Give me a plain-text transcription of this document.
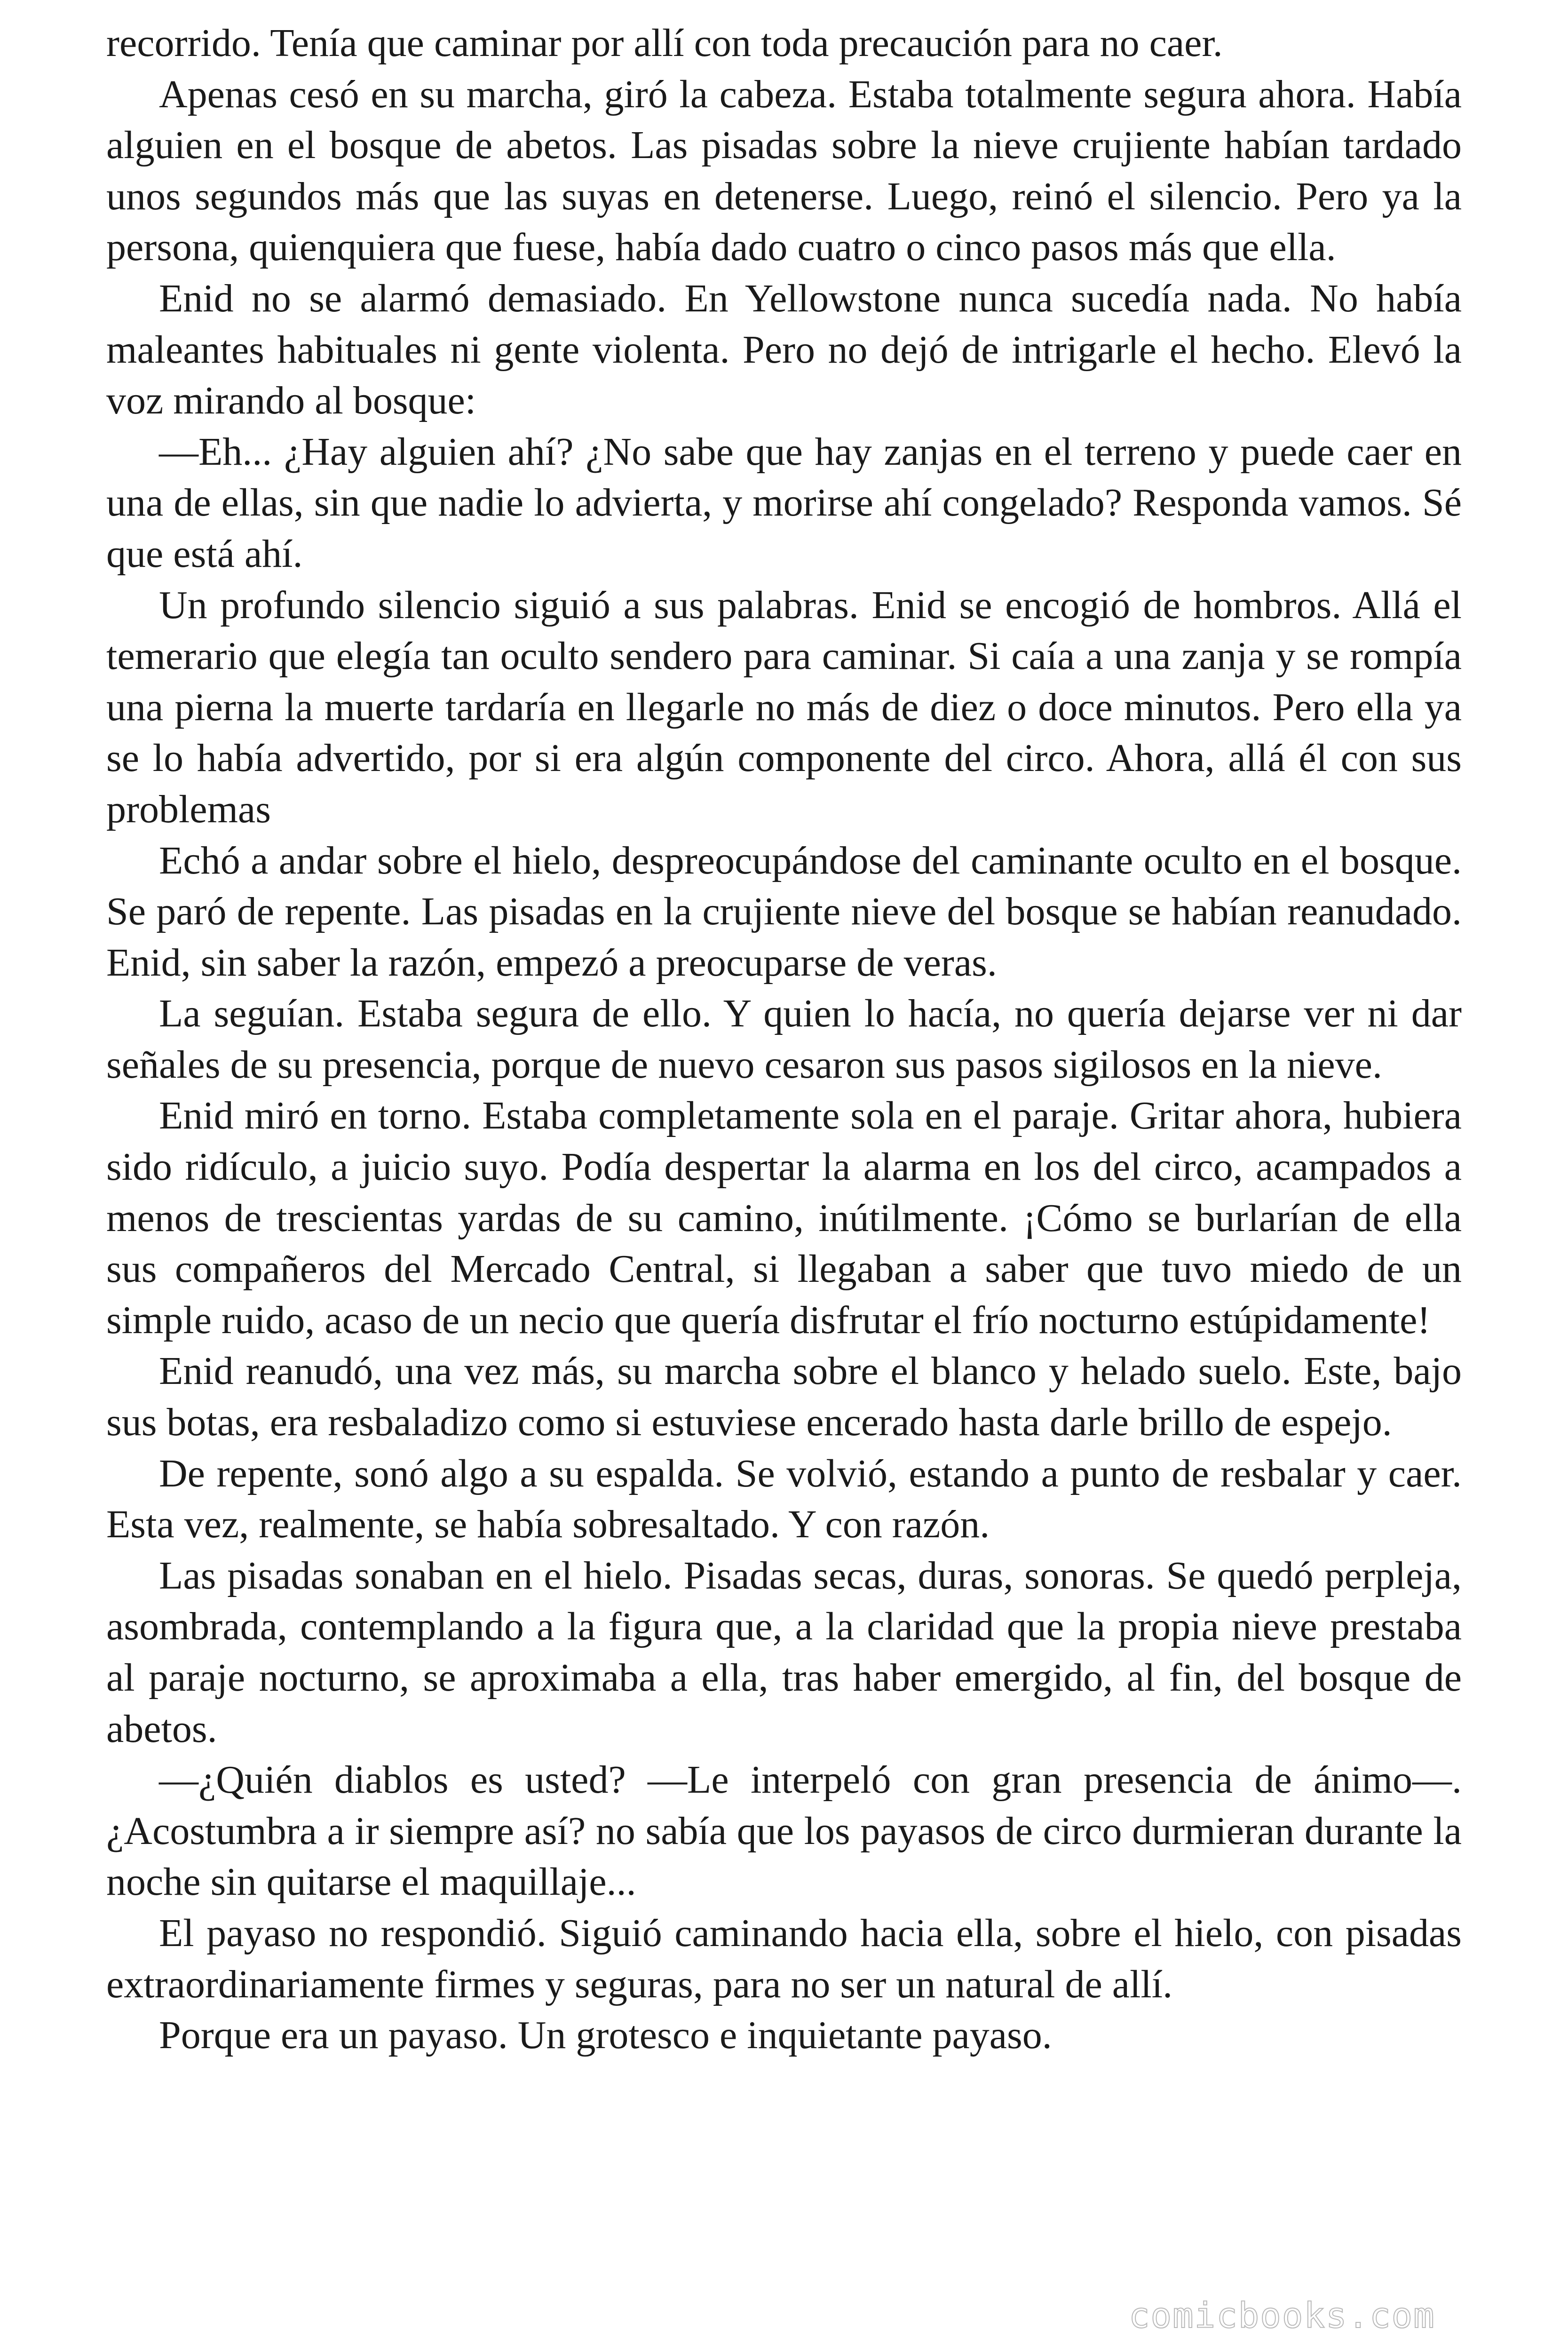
recorrido. Tenía que caminar por allí con toda precaución para no caer.

Apenas cesó en su marcha, giró la cabeza. Estaba totalmente segura ahora. Había alguien en el bosque de abetos. Las pisadas sobre la nieve crujiente habían tardado unos segundos más que las suyas en detenerse. Luego, reinó el silencio. Pero ya la persona, quienquiera que fuese, había dado cuatro o cinco pasos más que ella.

Enid no se alarmó demasiado. En Yellowstone nunca sucedía nada. No había maleantes habituales ni gente violenta. Pero no dejó de intrigarle el hecho. Elevó la voz mirando al bosque:

—Eh... ¿Hay alguien ahí? ¿No sabe que hay zanjas en el terreno y puede caer en una de ellas, sin que nadie lo advierta, y morirse ahí congelado? Responda vamos. Sé que está ahí.

Un profundo silencio siguió a sus palabras. Enid se encogió de hombros. Allá el temerario que elegía tan oculto sendero para caminar. Si caía a una zanja y se rompía una pierna la muerte tardaría en llegarle no más de diez o doce minutos. Pero ella ya se lo había advertido, por si era algún componente del circo. Ahora, allá él con sus problemas

Echó a andar sobre el hielo, despreocupándose del caminante oculto en el bosque. Se paró de repente. Las pisadas en la crujiente nieve del bosque se habían reanudado. Enid, sin saber la razón, empezó a preocuparse de veras.

La seguían. Estaba segura de ello. Y quien lo hacía, no quería dejarse ver ni dar señales de su presencia, porque de nuevo cesaron sus pasos sigilosos en la nieve.

Enid miró en torno. Estaba completamente sola en el paraje. Gritar ahora, hubiera sido ridículo, a juicio suyo. Podía despertar la alarma en los del circo, acampados a menos de trescientas yardas de su camino, inútilmente. ¡Cómo se burlarían de ella sus compañeros del Mercado Central, si llegaban a saber que tuvo miedo de un simple ruido, acaso de un necio que quería disfrutar el frío nocturno estúpidamente!

Enid reanudó, una vez más, su marcha sobre el blanco y helado suelo. Este, bajo sus botas, era resbaladizo como si estuviese encerado hasta darle brillo de espejo.

De repente, sonó algo a su espalda. Se volvió, estando a punto de resbalar y caer. Esta vez, realmente, se había sobresaltado. Y con razón.

Las pisadas sonaban en el hielo. Pisadas secas, duras, sonoras. Se quedó perpleja, asombrada, contemplando a la figura que, a la claridad que la propia nieve prestaba al paraje nocturno, se aproximaba a ella, tras haber emergido, al fin, del bosque de abetos.

—¿Quién diablos es usted? —Le interpeló con gran presencia de ánimo—. ¿Acostumbra a ir siempre así? no sabía que los payasos de circo durmieran durante la noche sin quitarse el maquillaje...

El payaso no respondió. Siguió caminando hacia ella, sobre el hielo, con pisadas extraordinariamente firmes y seguras, para no ser un natural de allí.

Porque era un payaso. Un grotesco e inquietante payaso.

comicbooks.com
